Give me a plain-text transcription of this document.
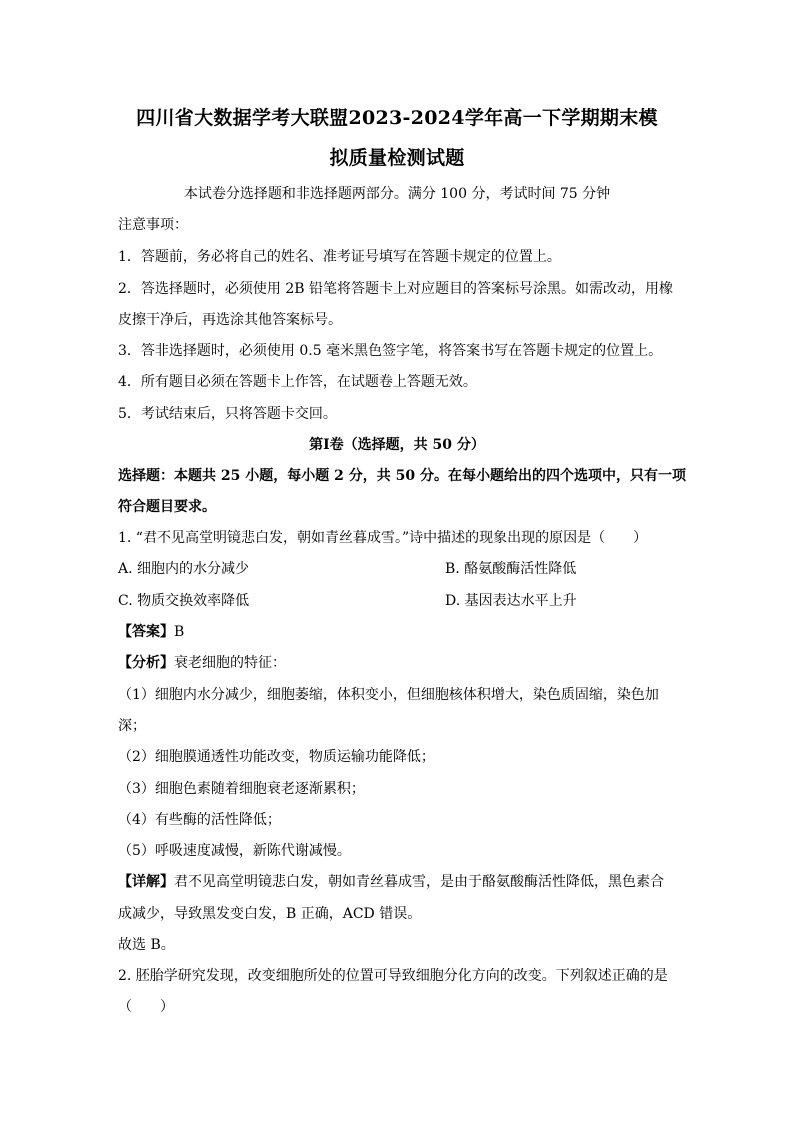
四川省大数据学考大联盟2023-2024学年高一下学期期末模
拟质量检测试题
本试卷分选择题和非选择题两部分。满分 100 分，考试时间 75 分钟
注意事项：
1．答题前，务必将自己的姓名、准考证号填写在答题卡规定的位置上。
2．答选择题时，必须使用 2B 铅笔将答题卡上对应题目的答案标号涂黑。如需改动，用橡
皮擦干净后，再选涂其他答案标号。
3．答非选择题时，必须使用 0.5 毫米黑色签字笔，将答案书写在答题卡规定的位置上。
4．所有题目必须在答题卡上作答，在试题卷上答题无效。
5．考试结束后，只将答题卡交回。
第Ⅰ卷（选择题，共 50 分）
选择题：本题共 25 小题，每小题 2 分，共 50 分。在每小题给出的四个选项中，只有一项
符合题目要求。
1. “君不见高堂明镜悲白发，朝如青丝暮成雪。”诗中描述的现象出现的原因是（　　）
A. 细胞内的水分减少	B. 酪氨酸酶活性降低
C. 物质交换效率降低	D. 基因表达水平上升
【答案】B
【分析】衰老细胞的特征：
（1）细胞内水分减少，细胞萎缩，体积变小，但细胞核体积增大，染色质固缩，染色加
深；
（2）细胞膜通透性功能改变，物质运输功能降低；
（3）细胞色素随着细胞衰老逐渐累积；
（4）有些酶的活性降低；
（5）呼吸速度减慢，新陈代谢减慢。
【详解】君不见高堂明镜悲白发，朝如青丝暮成雪，是由于酪氨酸酶活性降低，黑色素合
成减少，导致黑发变白发，B 正确，ACD 错误。
故选 B。
2. 胚胎学研究发现，改变细胞所处的位置可导致细胞分化方向的改变。下列叙述正确的是
（　　）
